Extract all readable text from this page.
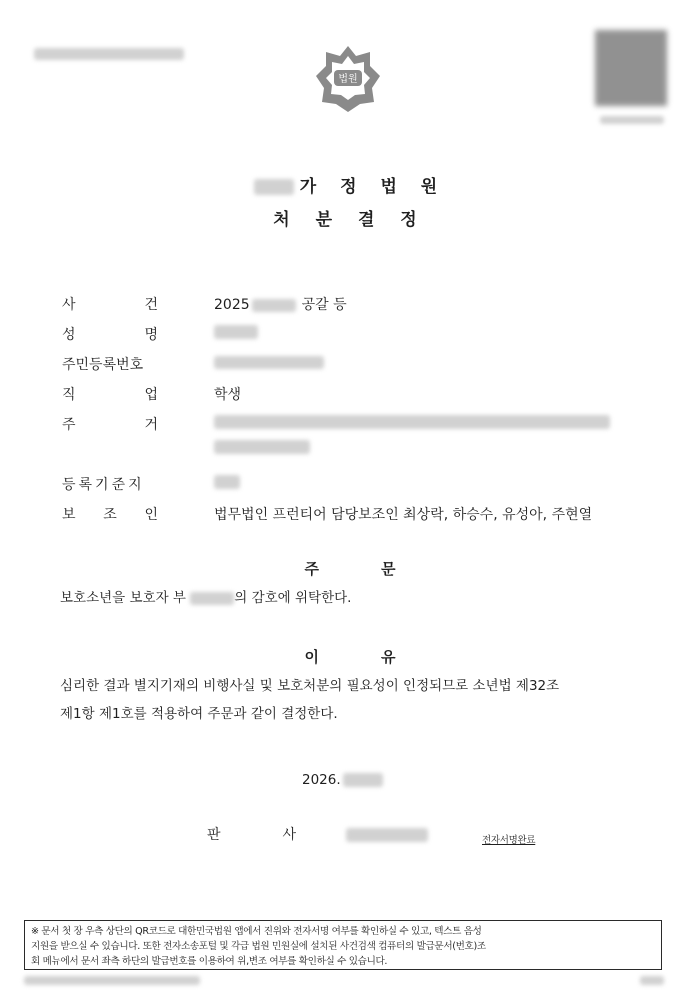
법원
가 정 법 원
처 분 결 정
사	건	2025	공갈 등
성	명
주민등록번호
직	업	학생
주	거

등록기준지
보 조 인	법무법인 프런티어 담당보조인 최상락, 하승수, 유성아, 주현열
주	문
보호소년을 보호자 부	의 감호에 위탁한다.
이	유
심리한 결과 별지기재의 비행사실 및 보호처분의 필요성이 인정되므로 소년법 제32조
제1항 제1호를 적용하여 주문과 같이 결정한다.
2026.
판	사	전자서명완료
※ 문서 첫 장 우측 상단의 QR코드로 대한민국법원 앱에서 진위와 전자서명 여부를 확인하실 수 있고, 텍스트 음성
지원을 받으실 수 있습니다. 또한 전자소송포털 및 각급 법원 민원실에 설치된 사건검색 컴퓨터의 발급문서(번호)조
회 메뉴에서 문서 좌측 하단의 발급번호를 이용하여 위,변조 여부를 확인하실 수 있습니다.
